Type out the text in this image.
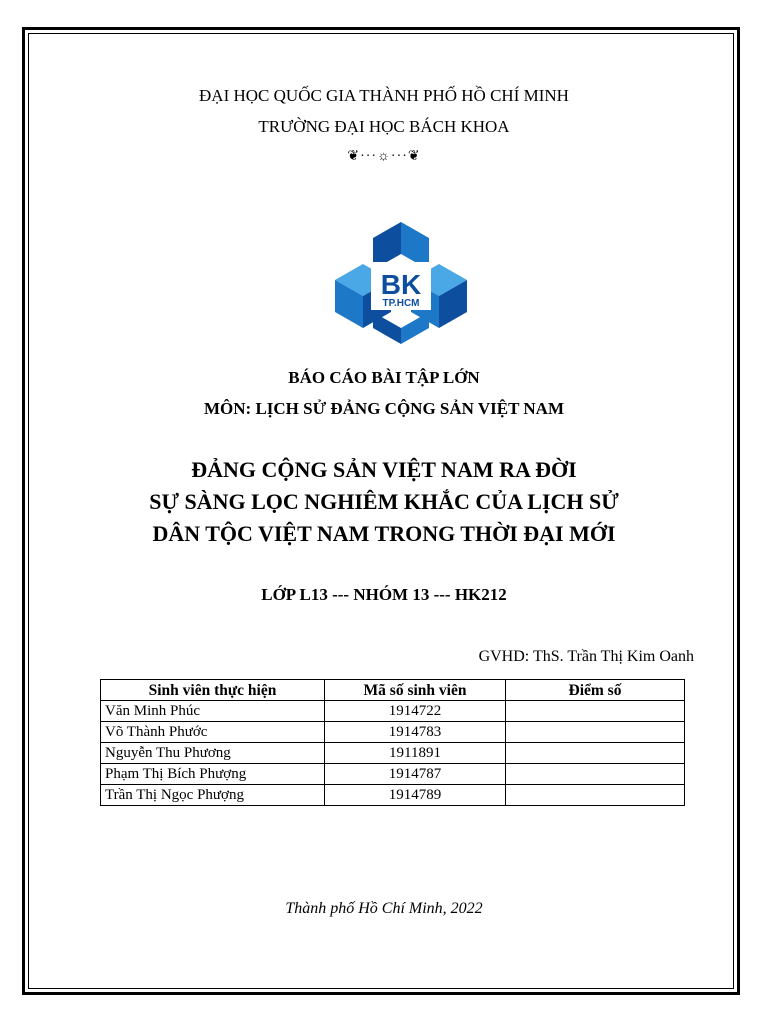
ĐẠI HỌC QUỐC GIA THÀNH PHỐ HỒ CHÍ MINH
TRƯỜNG ĐẠI HỌC BÁCH KHOA
❦···☼···❦
BK
TP.HCM
BÁO CÁO BÀI TẬP LỚN
MÔN: LỊCH SỬ ĐẢNG CỘNG SẢN VIỆT NAM
ĐẢNG CỘNG SẢN VIỆT NAM RA ĐỜI
SỰ SÀNG LỌC NGHIÊM KHẮC CỦA LỊCH SỬ
DÂN TỘC VIỆT NAM TRONG THỜI ĐẠI MỚI
LỚP L13 --- NHÓM 13 --- HK212
GVHD: ThS. Trần Thị Kim Oanh
Sinh viên thực hiện	Mã số sinh viên	Điểm số
Văn Minh Phúc	1914722	
Võ Thành Phước	1914783	
Nguyễn Thu Phương	1911891	
Phạm Thị Bích Phượng	1914787	
Trần Thị Ngọc Phượng	1914789	
Thành phố Hồ Chí Minh, 2022
